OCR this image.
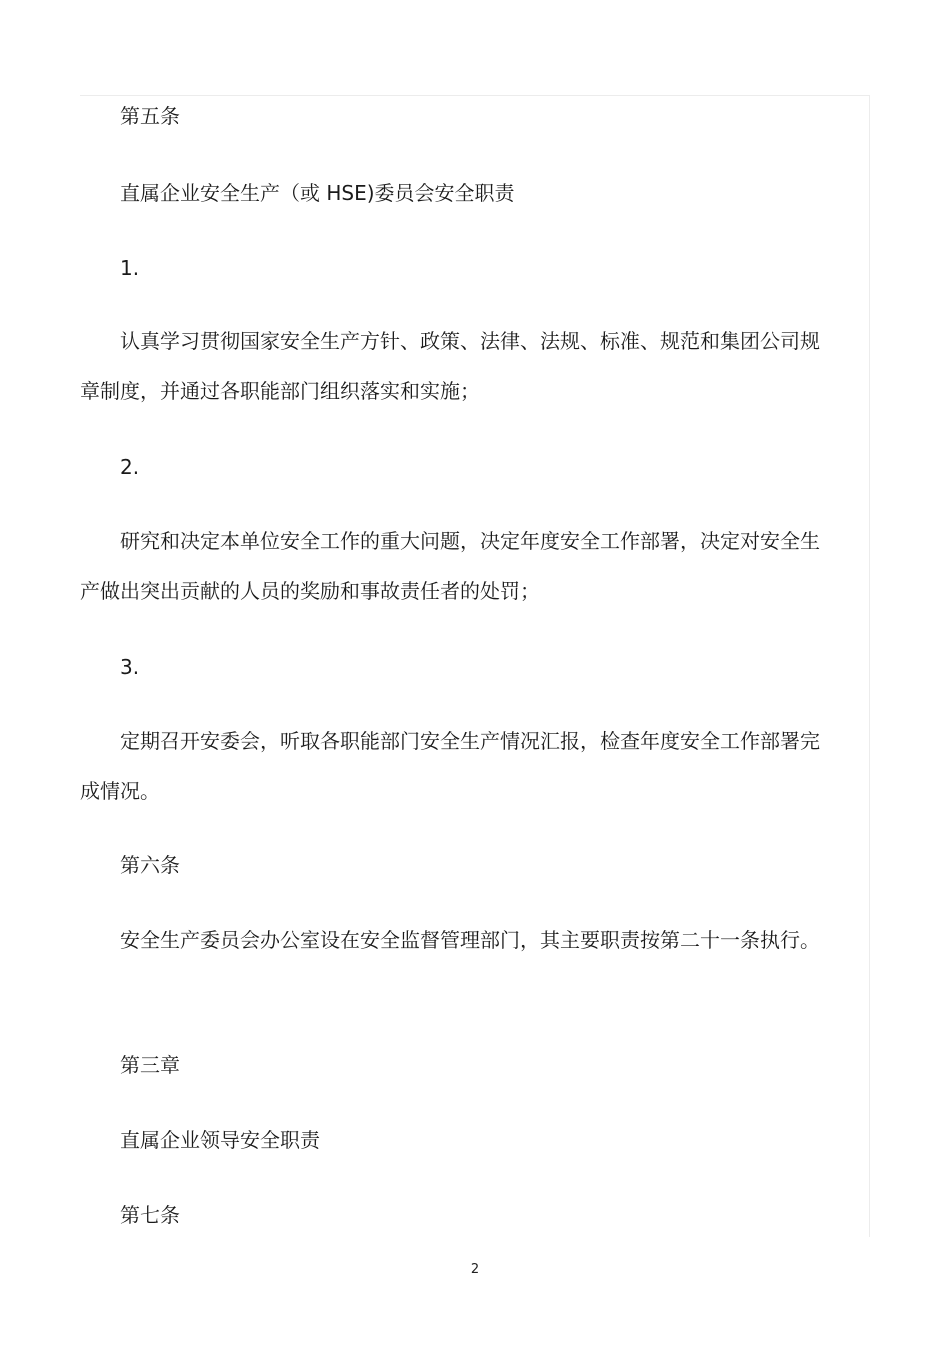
第五条
直属企业安全生产（或 HSE)委员会安全职责
1.
认真学习贯彻国家安全生产方针、政策、法律、法规、标准、规范和集团公司规章制度，并通过各职能部门组织落实和实施；
2.
研究和决定本单位安全工作的重大问题，决定年度安全工作部署，决定对安全生产做出突出贡献的人员的奖励和事故责任者的处罚；
3.
定期召开安委会，听取各职能部门安全生产情况汇报，检查年度安全工作部署完成情况。
第六条
安全生产委员会办公室设在安全监督管理部门，其主要职责按第二十一条执行。
第三章
直属企业领导安全职责
第七条
2
